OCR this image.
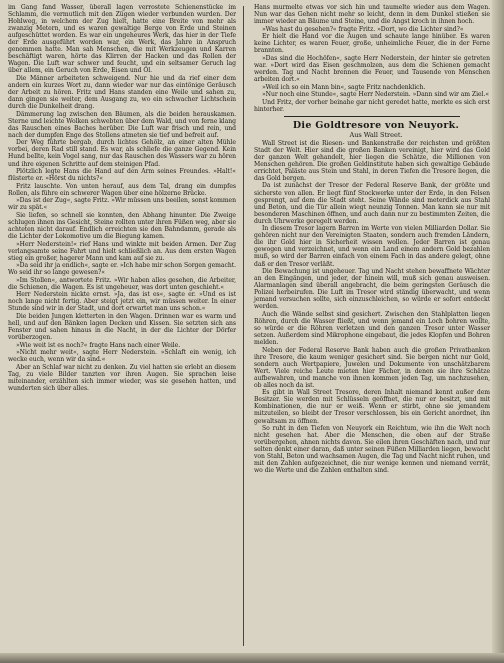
im Gang fand Wasser, überall lagen verrostete Schienenstücke im Schlamm, die vermutlich mit den Zügen wieder verbunden wurden. Der Hohlweg, in welchem der Zug hielt, hatte eine Breite von mehr als zwanzig Metern, und es waren gewaltige Berge von Erde und Steinen aufgeschüttet worden. Es war ein ungeheures Werk, das hier in der Tiefe der Erde ausgeführt worden war, ein Werk, das Jahre in Anspruch genommen hatte. Man sah Menschen, die mit Werkzeugen und Karren beschäftigt waren, hörte das Klirren der Hacken und das Rollen der Wagen. Die Luft war schwer und feucht, und ein seltsamer Geruch lag über allem, ein Geruch von Erde, Eisen und Öl.

Die Männer arbeiteten schweigend. Nur hie und da rief einer dem andern ein kurzes Wort zu, dann wieder war nur das eintönige Geräusch der Arbeit zu hören. Fritz und Hans standen eine Weile und sahen zu, dann gingen sie weiter, dem Ausgang zu, wo ein schwacher Lichtschein durch die Dunkelheit drang.

Dämmerung lag zwischen den Bäumen, als die beiden herauskamen. Sterne und leichte Wolken schwebten über dem Wald, und von ferne klang das Rauschen eines Baches herüber. Die Luft war frisch und rein, und nach der dumpfen Enge des Stollens atmeten sie tief und befreit auf.

Der Weg führte bergab, durch lichtes Gehölz, an einer alten Mühle vorbei, deren Rad still stand. Es war, als schliefe die ganze Gegend. Kein Hund bellte, kein Vogel sang, nur das Rauschen des Wassers war zu hören und ihre eigenen Schritte auf dem steinigen Pfad.

Plötzlich legte Hans die Hand auf den Arm seines Freundes. »Halt!« flüsterte er. »Hörst du nichts?«

Fritz lauschte. Von unten herauf, aus dem Tal, drang ein dumpfes Rollen, als führe ein schwerer Wagen über eine hölzerne Brücke.

»Das ist der Zug«, sagte Fritz. »Wir müssen uns beeilen, sonst kommen wir zu spät.«

Sie liefen, so schnell sie konnten, den Abhang hinunter. Die Zweige schlugen ihnen ins Gesicht, Steine rollten unter ihren Füßen weg, aber sie achteten nicht darauf. Endlich erreichten sie den Bahndamm, gerade als die Lichter der Lokomotive um die Biegung kamen.

»Herr Nederstein!« rief Hans und winkte mit beiden Armen. Der Zug verlangsamte seine Fahrt und hielt schließlich an. Aus dem ersten Wagen stieg ein großer, hagerer Mann und kam auf sie zu.

»Da seid ihr ja endlich«, sagte er. »Ich habe mir schon Sorgen gemacht. Wo seid ihr so lange gewesen?«

»Im Stollen«, antwortete Fritz. »Wir haben alles gesehen, die Arbeiter, die Schienen, die Wagen. Es ist ungeheuer, was dort unten geschieht.«

Herr Nederstein nickte ernst. »Ja, das ist es«, sagte er. »Und es ist noch lange nicht fertig. Aber steigt jetzt ein, wir müssen weiter. In einer Stunde sind wir in der Stadt, und dort erwartet man uns schon.«

Die beiden Jungen kletterten in den Wagen. Drinnen war es warm und hell, und auf den Bänken lagen Decken und Kissen. Sie setzten sich ans Fenster und sahen hinaus in die Nacht, in der die Lichter der Dörfer vorüberzogen.

»Wie weit ist es noch?« fragte Hans nach einer Weile.

»Nicht mehr weit«, sagte Herr Nederstein. »Schlaft ein wenig, ich wecke euch, wenn wir da sind.«

Aber an Schlaf war nicht zu denken. Zu viel hatten sie erlebt an diesem Tag, zu viele Bilder tanzten vor ihren Augen. Sie sprachen leise miteinander, erzählten sich immer wieder, was sie gesehen hatten, und wunderten sich über alles.

Hans murmelte etwas vor sich hin und taumelte wieder aus dem Wagen. Nun war das Gehen nicht mehr so leicht, denn in dem Dunkel stießen sie immer wieder an Bäume und Steine, und die Angst kroch in ihnen hoch.

»Was hast du gesehen?« fragte Fritz. »Dort, wo die Lichter sind?«

Er hielt die Hand vor die Augen und schaute lange hinüber. Es waren keine Lichter, es waren Feuer, große, unheimliche Feuer, die in der Ferne brannten.

»Das sind die Hochöfen«, sagte Herr Nederstein, der hinter sie getreten war. »Dort wird das Eisen geschmolzen, aus dem die Schienen gemacht werden. Tag und Nacht brennen die Feuer, und Tausende von Menschen arbeiten dort.«

»Weil ich so ein Mann bin«, sagte Fritz nachdenklich.

»Nur noch eine Stunde«, sagte Herr Nederstein. »Dann sind wir am Ziel.«

Und Fritz, der vorher beinahe gar nicht geredet hatte, merkte es sich erst hinterher.

Die Goldtresore von Neuyork.

Aus Wall Street.

Wall Street ist die Riesen- und Bankenstraße der reichsten und größten Stadt der Welt. Hier sind die großen Banken vereinigt, hier wird das Gold der ganzen Welt gehandelt, hier liegen die Schätze, die Millionen von Menschen gehören. Die großen Geldinstitute haben sich gewaltige Gebäude errichtet, Paläste aus Stein und Stahl, in deren Tiefen die Tresore liegen, die das Gold bergen.

Da ist zunächst der Tresor der Federal Reserve Bank, der größte und sicherste von allen. Er liegt fünf Stockwerke unter der Erde, in den Felsen gesprengt, auf dem die Stadt steht. Seine Wände sind meterdick aus Stahl und Beton, und die Tür allein wiegt neunzig Tonnen. Man kann sie nur mit besonderen Maschinen öffnen, und auch dann nur zu bestimmten Zeiten, die durch Uhrwerke geregelt werden.

In diesem Tresor lagern Barren im Werte von vielen Milliarden Dollar. Sie gehören nicht nur den Vereinigten Staaten, sondern auch fremden Ländern, die ihr Gold hier in Sicherheit wissen wollen. Jeder Barren ist genau gewogen und verzeichnet, und wenn ein Land einem andern Gold bezahlen muß, so wird der Barren einfach von einem Fach in das andere gelegt, ohne daß er den Tresor verläßt.

Die Bewachung ist ungeheuer. Tag und Nacht stehen bewaffnete Wächter an den Eingängen, und jeder, der hinein will, muß sich genau ausweisen. Alarmanlagen sind überall angebracht, die beim geringsten Geräusch die Polizei herbeirufen. Die Luft im Tresor wird ständig überwacht, und wenn jemand versuchen sollte, sich einzuschleichen, so würde er sofort entdeckt werden.

Auch die Wände selbst sind gesichert. Zwischen den Stahlplatten liegen Röhren, durch die Wasser fließt, und wenn jemand ein Loch bohren wollte, so würde er die Röhren verletzen und den ganzen Tresor unter Wasser setzen. Außerdem sind Mikrophone eingebaut, die jedes Klopfen und Bohren melden.

Neben der Federal Reserve Bank haben auch die großen Privatbanken ihre Tresore, die kaum weniger gesichert sind. Sie bergen nicht nur Gold, sondern auch Wertpapiere, Juwelen und Dokumente von unschätzbarem Wert. Viele reiche Leute mieten hier Fächer, in denen sie ihre Schätze aufbewahren, und manche von ihnen kommen jeden Tag, um nachzusehen, ob alles noch da ist.

Es gibt in Wall Street Tresore, deren Inhalt niemand kennt außer dem Besitzer. Sie werden mit Schlüsseln geöffnet, die nur er besitzt, und mit Kombinationen, die nur er weiß. Wenn er stirbt, ohne sie jemandem mitzuteilen, so bleibt der Tresor verschlossen, bis ein Gericht anordnet, ihn gewaltsam zu öffnen.

So ruht in den Tiefen von Neuyork ein Reichtum, wie ihn die Welt noch nicht gesehen hat. Aber die Menschen, die oben auf der Straße vorübergehen, ahnen nichts davon. Sie eilen ihren Geschäften nach, und nur selten denkt einer daran, daß unter seinen Füßen Milliarden liegen, bewacht von Stahl, Beton und wachsamen Augen, die Tag und Nacht nicht ruhen, und mit den Zahlen aufgezeichnet, die nur wenige kennen und niemand verrät, wo die Werte und die Zahlen enthalten sind.
